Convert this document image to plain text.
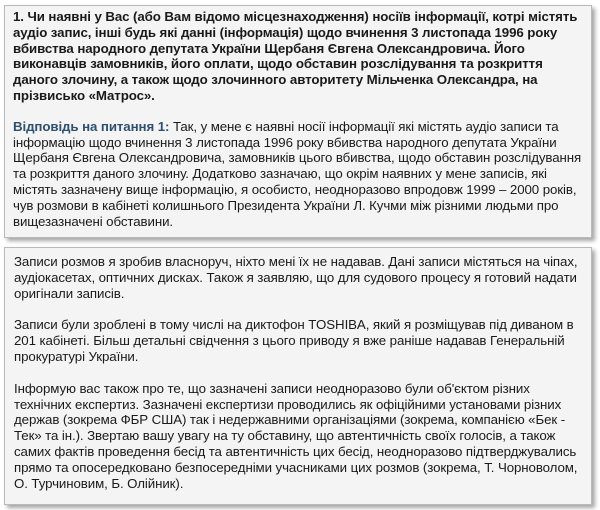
1. Чи наявні у Вас (або Вам відомо місцезнаходження) носіїв інформації, котрі містять аудіо запис, інші будь які данні (інформація) щодо вчинення 3 листопада 1996 року вбивства народного депутата України Щербаня Євгена Олександровича. Його виконавців замовників, його оплати, щодо обставин розслідування та розкриття даного злочину, а також щодо злочинного авторитету Мільченка Олександра, на прізвисько «Матрос».

Відповідь на питання 1: Так, у мене є наявні носії інформації які містять аудіо записи та інформацію щодо вчинення 3 листопада 1996 року вбивства народного депутата України Щербаня Євгена Олександровича, замовників цього вбивства, щодо обставин розслідування та розкриття даного злочину. Додатково зазначаю, що окрім наявних у мене записів, які містять зазначену вище інформацію, я особисто, неодноразово впродовж 1999 – 2000 років, чув розмови в кабінеті колишнього Президента України Л. Кучми між різними людьми про вищезазначені обставини.

Записи розмов я зробив власноруч, ніхто мені їх не надавав. Дані записи містяться на чіпах, аудіокасетах, оптичних дисках. Також я заявляю, що для судового процесу я готовий надати оригінали записів.

Записи були зроблені в тому числі на диктофон TOSHIBA, який я розміщував під диваном в 201 кабінеті. Більш детальні свідчення з цього приводу я вже раніше надавав Генеральній прокуратурі України.

Інформую вас також про те, що зазначені записи неодноразово були об'єктом різних технічних експертиз. Зазначені експертизи проводились як офіційними установами різних держав (зокрема ФБР США) так і недержавними організаціями (зокрема, компанією «Бек - Тек» та ін.). Звертаю вашу увагу на ту обставину, що автентичність своїх голосів, а також самих фактів проведення бесід та автентичність цих бесід, неодноразово підтверджувались прямо та опосередковано безпосередніми учасниками цих розмов (зокрема, Т. Чорноволом, О. Турчиновим, Б. Олійник).
